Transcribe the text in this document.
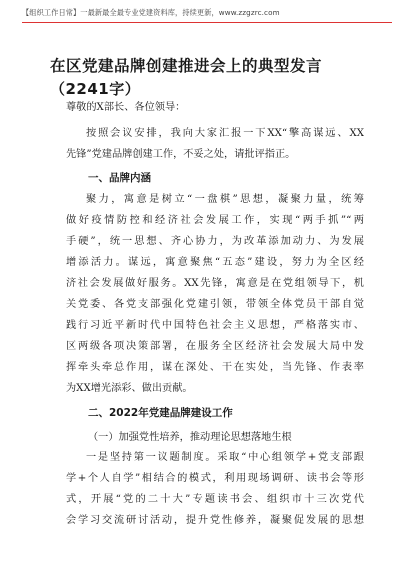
【组织工作日常】一最新最全最专业党建资料库，持续更新，www.zzgzrc.com
在区党建品牌创建推进会上的典型发言
（2241字）
尊敬的X部长、各位领导：
按照会议安排，我向大家汇报一下XX“擎高谋远、XX
先锋”党建品牌创建工作，不妥之处，请批评指正。
一、品牌内涵
聚力，寓意是树立“一盘棋”思想，凝聚力量，统筹
做好疫情防控和经济社会发展工作，实现“两手抓”“两
手硬”，统一思想、齐心协力，为改革添加动力、为发展
增添活力。谋远，寓意聚焦“五态”建设，努力为全区经
济社会发展做好服务。XX先锋，寓意是在党组领导下，机
关党委、各党支部强化党建引领，带领全体党员干部自觉
践行习近平新时代中国特色社会主义思想，严格落实市、
区两级各项决策部署，在服务全区经济社会发展大局中发
挥牵头牵总作用，谋在深处、干在实处，当先锋、作表率
为XX增光添彩、做出贡献。
二、2022年党建品牌建设工作
（一）加强党性培养，推动理论思想落地生根
一是坚持第一议题制度。采取“中心组领学+党支部跟
学+个人自学”相结合的模式，利用现场调研、读书会等形
式，开展“党的二十大”专题读书会、组织市十三次党代
会学习交流研讨活动，提升党性修养，凝聚促发展的思想
